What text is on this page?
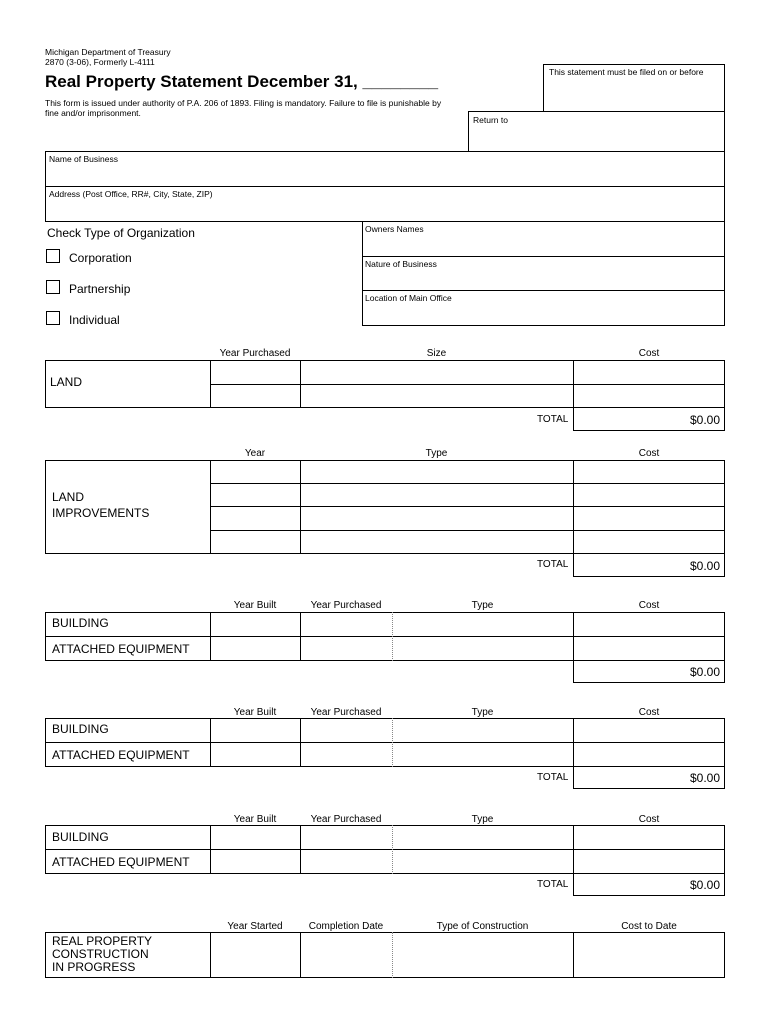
Michigan Department of Treasury
2870 (3-06), Formerly L-4111
Real Property Statement December 31, ________
This form is issued under authority of P.A. 206 of 1893. Filing is mandatory. Failure to file is punishable by fine and/or imprisonment.
This statement must be filed on or before
Return to
Name of Business
Address (Post Office, RR#, City, State, ZIP)
Check Type of Organization
Corporation
Partnership
Individual
Owners Names
Nature of Business
Location of Main Office
Year Purchased	Size	Cost
LAND
TOTAL	$0.00
Year	Type	Cost
LAND
IMPROVEMENTS
TOTAL	$0.00
Year Built	Year Purchased	Type	Cost
BUILDING
ATTACHED EQUIPMENT
$0.00
Year Built	Year Purchased	Type	Cost
BUILDING
ATTACHED EQUIPMENT
TOTAL	$0.00
Year Built	Year Purchased	Type	Cost
BUILDING
ATTACHED EQUIPMENT
TOTAL	$0.00
Year Started	Completion Date	Type of Construction	Cost to Date
REAL PROPERTY
CONSTRUCTION
IN PROGRESS
